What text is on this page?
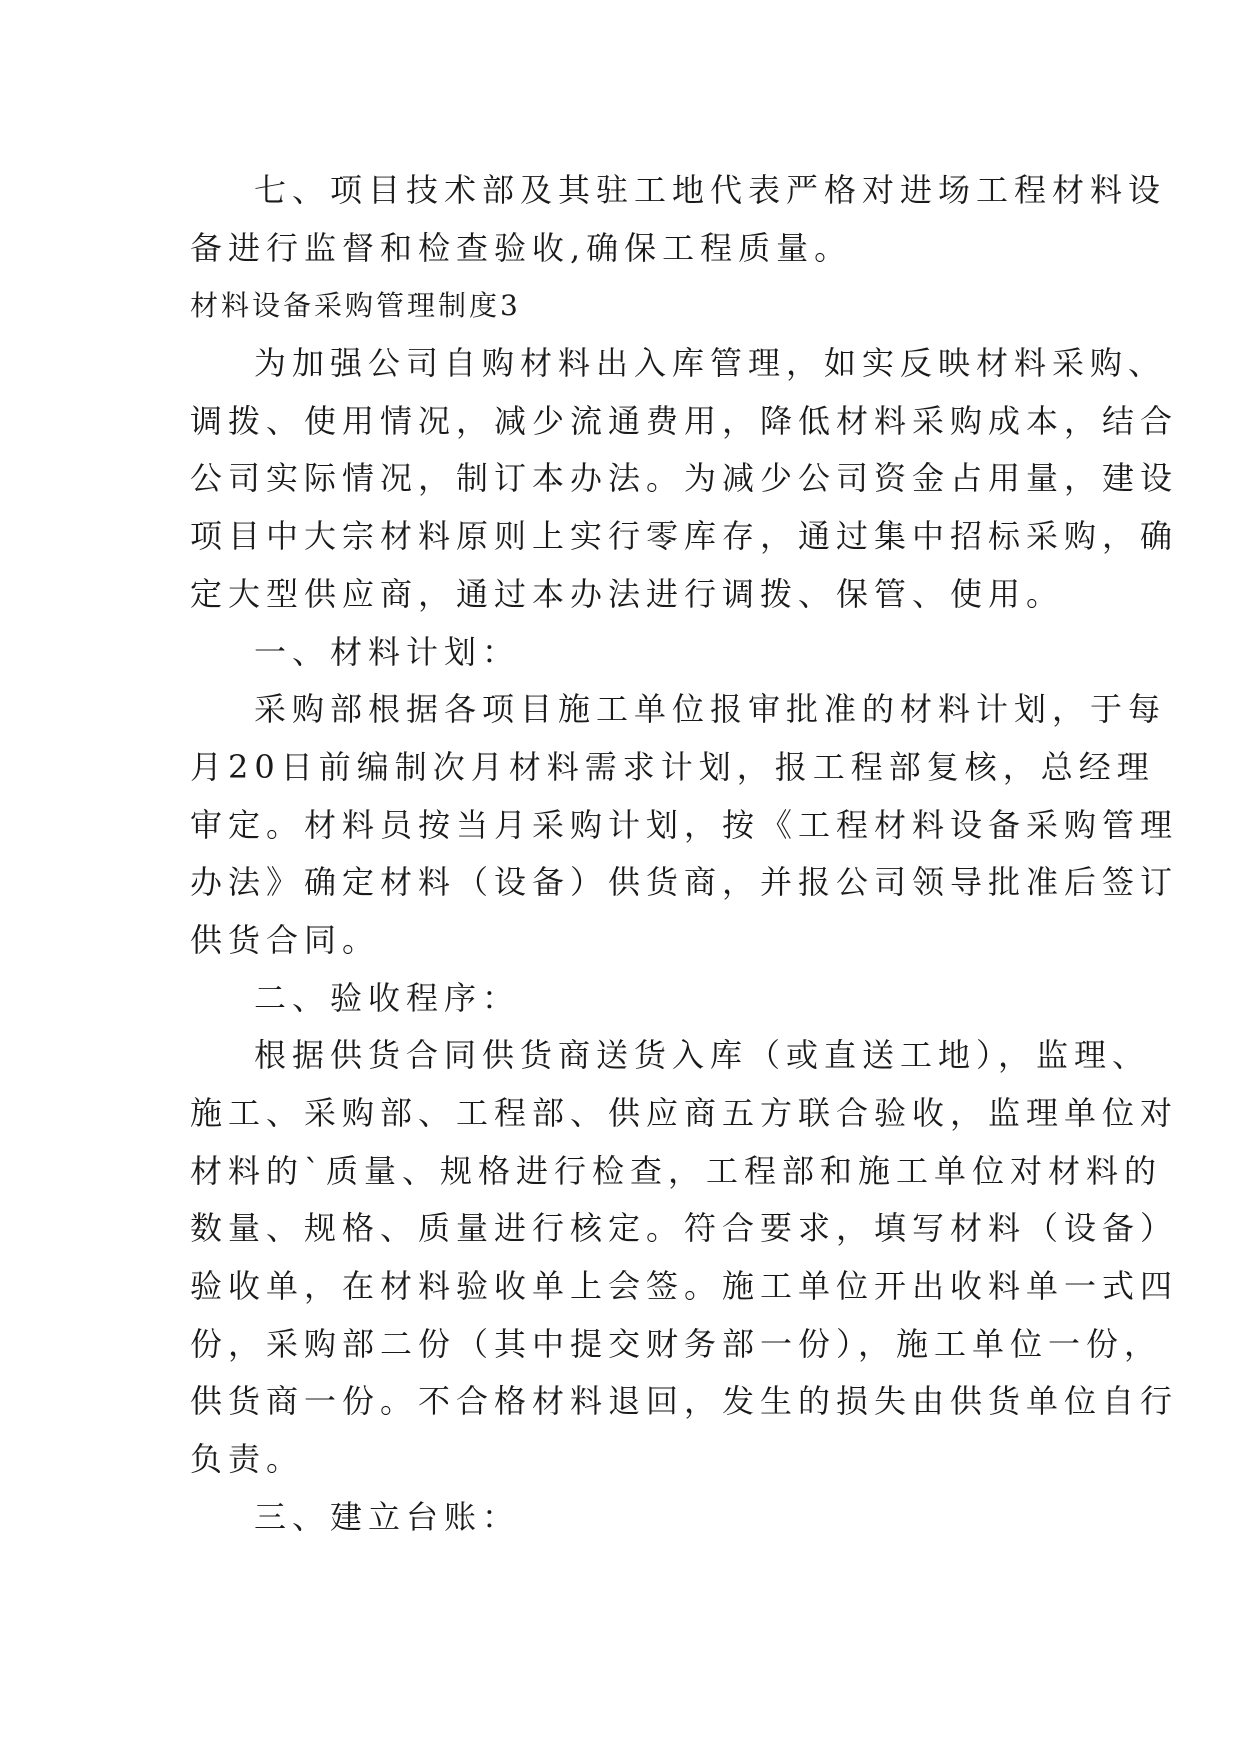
七、项目技术部及其驻工地代表严格对进场工程材料设
备进行监督和检查验收,确保工程质量。
材料设备采购管理制度3
为加强公司自购材料出入库管理，如实反映材料采购、
调拨、使用情况，减少流通费用，降低材料采购成本，结合
公司实际情况，制订本办法。为减少公司资金占用量，建设
项目中大宗材料原则上实行零库存，通过集中招标采购，确
定大型供应商，通过本办法进行调拨、保管、使用。
一、材料计划：
采购部根据各项目施工单位报审批准的材料计划，于每
月20日前编制次月材料需求计划，报工程部复核，总经理
审定。材料员按当月采购计划，按《工程材料设备采购管理
办法》确定材料（设备）供货商，并报公司领导批准后签订
供货合同。
二、验收程序：
根据供货合同供货商送货入库（或直送工地），监理、
施工、采购部、工程部、供应商五方联合验收，监理单位对
材料的`质量、规格进行检查，工程部和施工单位对材料的
数量、规格、质量进行核定。符合要求，填写材料（设备）
验收单，在材料验收单上会签。施工单位开出收料单一式四
份，采购部二份（其中提交财务部一份），施工单位一份，
供货商一份。不合格材料退回，发生的损失由供货单位自行
负责。
三、建立台账：
